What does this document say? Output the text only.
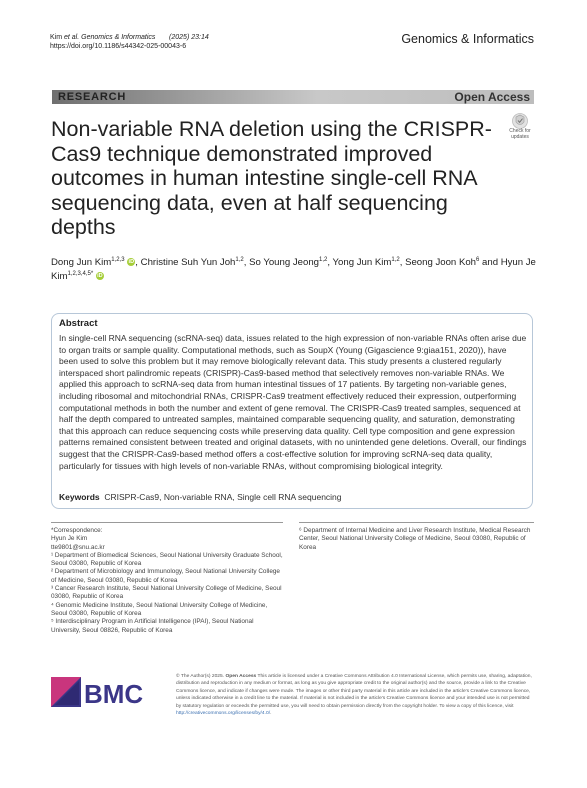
Kim et al. Genomics & Informatics (2025) 23:14
https://doi.org/10.1186/s44342-025-00043-6
Genomics & Informatics
RESEARCH	Open Access
Non-variable RNA deletion using the CRISPR-Cas9 technique demonstrated improved outcomes in human intestine single-cell RNA sequencing data, even at half sequencing depths
Check for
updates
Dong Jun Kim$^{1,2,3}$ iD, Christine Suh Yun Joh$^{1,2}$, So Young Jeong$^{1,2}$, Yong Jun Kim$^{1,2}$, Seong Joon Koh$^6$ and Hyun Je Kim$^{1,2,3,4,5*}$ iD
Abstract
In single-cell RNA sequencing (scRNA-seq) data, issues related to the high expression of non-variable RNAs often arise due to organ traits or sample quality. Computational methods, such as SoupX (Young (Gigascience 9:giaa151, 2020)), have been used to solve this problem but it may remove biologically relevant data. This study presents a clustered regularly interspaced short palindromic repeats (CRISPR)-Cas9-based method that selectively removes non-variable RNAs. We applied this approach to scRNA-seq data from human intestinal tissues of 17 patients. By targeting non-variable genes, including ribosomal and mitochondrial RNAs, CRISPR-Cas9 treatment effectively reduced their expression, outperforming computational methods in both the number and extent of gene removal. The CRISPR-Cas9 treated samples, sequenced at half the depth compared to untreated samples, maintained comparable sequencing quality, and saturation, demonstrating that this approach can reduce sequencing costs while preserving data quality. Cell type composition and gene expression patterns remained consistent between treated and original datasets, with no unintended gene deletions. Overall, our findings suggest that the CRISPR-Cas9-based method offers a cost-effective solution for improving scRNA-seq data quality, particularly for tissues with high levels of non-variable RNAs, without compromising biological integrity.
Keywords CRISPR-Cas9, Non-variable RNA, Single cell RNA sequencing
*Correspondence:
Hyun Je Kim
tte9801@snu.ac.kr
¹ Department of Biomedical Sciences, Seoul National University Graduate School, Seoul 03080, Republic of Korea
² Department of Microbiology and Immunology, Seoul National University College of Medicine, Seoul 03080, Republic of Korea
³ Cancer Research Institute, Seoul National University College of Medicine, Seoul 03080, Republic of Korea
⁴ Genomic Medicine Institute, Seoul National University College of Medicine, Seoul 03080, Republic of Korea
⁵ Interdisciplinary Program in Artificial Intelligence (IPAI), Seoul National University, Seoul 08826, Republic of Korea
⁶ Department of Internal Medicine and Liver Research Institute, Medical Research Center, Seoul National University College of Medicine, Seoul 03080, Republic of Korea
BMC
© The Author(s) 2025. Open Access This article is licensed under a Creative Commons Attribution 4.0 International License, which permits use, sharing, adaptation, distribution and reproduction in any medium or format, as long as you give appropriate credit to the original author(s) and the source, provide a link to the Creative Commons licence, and indicate if changes were made. The images or other third party material in this article are included in the article's Creative Commons licence, unless indicated otherwise in a credit line to the material. If material is not included in the article's Creative Commons licence and your intended use is not permitted by statutory regulation or exceeds the permitted use, you will need to obtain permission directly from the copyright holder. To view a copy of this licence, visit http://creativecommons.org/licenses/by/4.0/.
